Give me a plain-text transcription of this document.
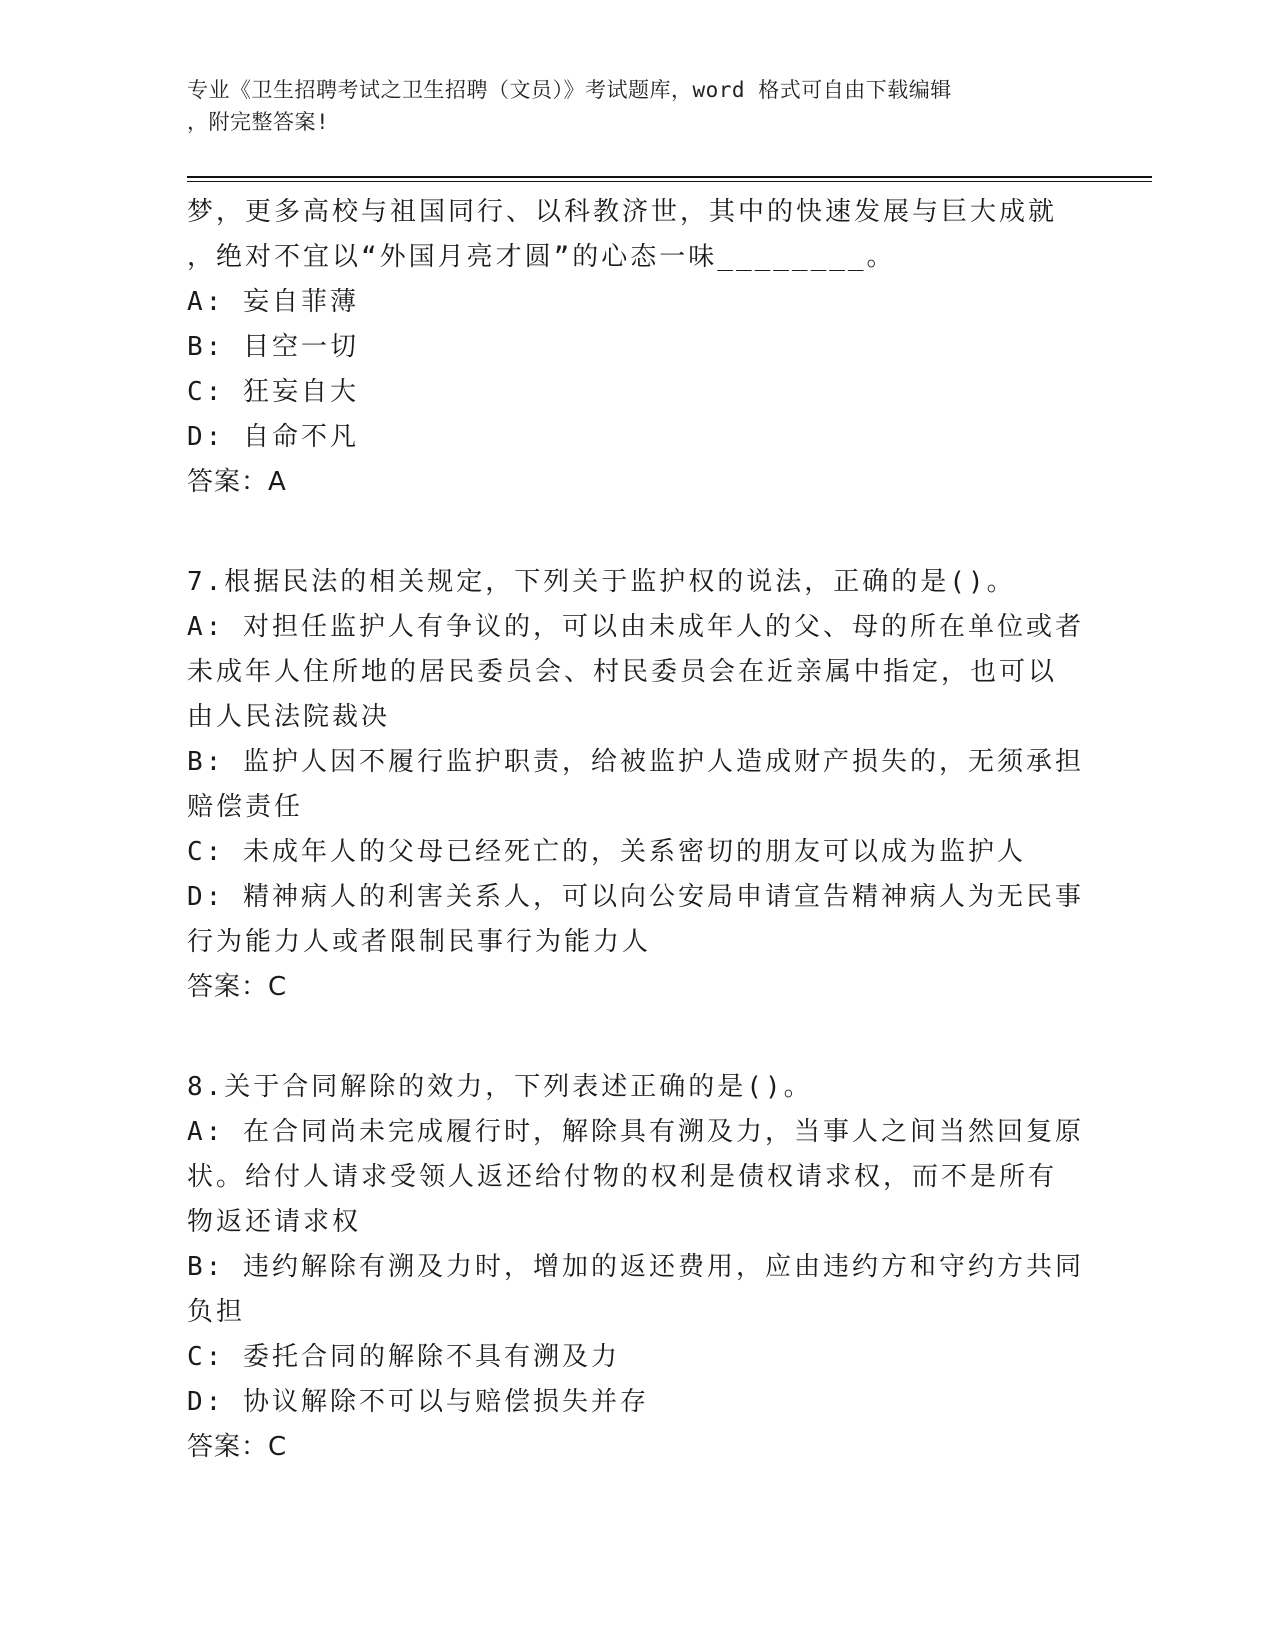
专业《卫生招聘考试之卫生招聘（文员）》考试题库，word 格式可自由下载编辑
，附完整答案!
梦，更多高校与祖国同行、以科教济世，其中的快速发展与巨大成就
，绝对不宜以“外国月亮才圆”的心态一味________。
A: 妄自菲薄
B: 目空一切
C: 狂妄自大
D: 自命不凡
答案：A
7.根据民法的相关规定，下列关于监护权的说法，正确的是()。
A: 对担任监护人有争议的，可以由未成年人的父、母的所在单位或者
未成年人住所地的居民委员会、村民委员会在近亲属中指定，也可以
由人民法院裁决
B: 监护人因不履行监护职责，给被监护人造成财产损失的，无须承担
赔偿责任
C: 未成年人的父母已经死亡的，关系密切的朋友可以成为监护人
D: 精神病人的利害关系人，可以向公安局申请宣告精神病人为无民事
行为能力人或者限制民事行为能力人
答案：C
8.关于合同解除的效力，下列表述正确的是()。
A: 在合同尚未完成履行时，解除具有溯及力，当事人之间当然回复原
状。给付人请求受领人返还给付物的权利是债权请求权，而不是所有
物返还请求权
B: 违约解除有溯及力时，增加的返还费用，应由违约方和守约方共同
负担
C: 委托合同的解除不具有溯及力
D: 协议解除不可以与赔偿损失并存
答案：C
